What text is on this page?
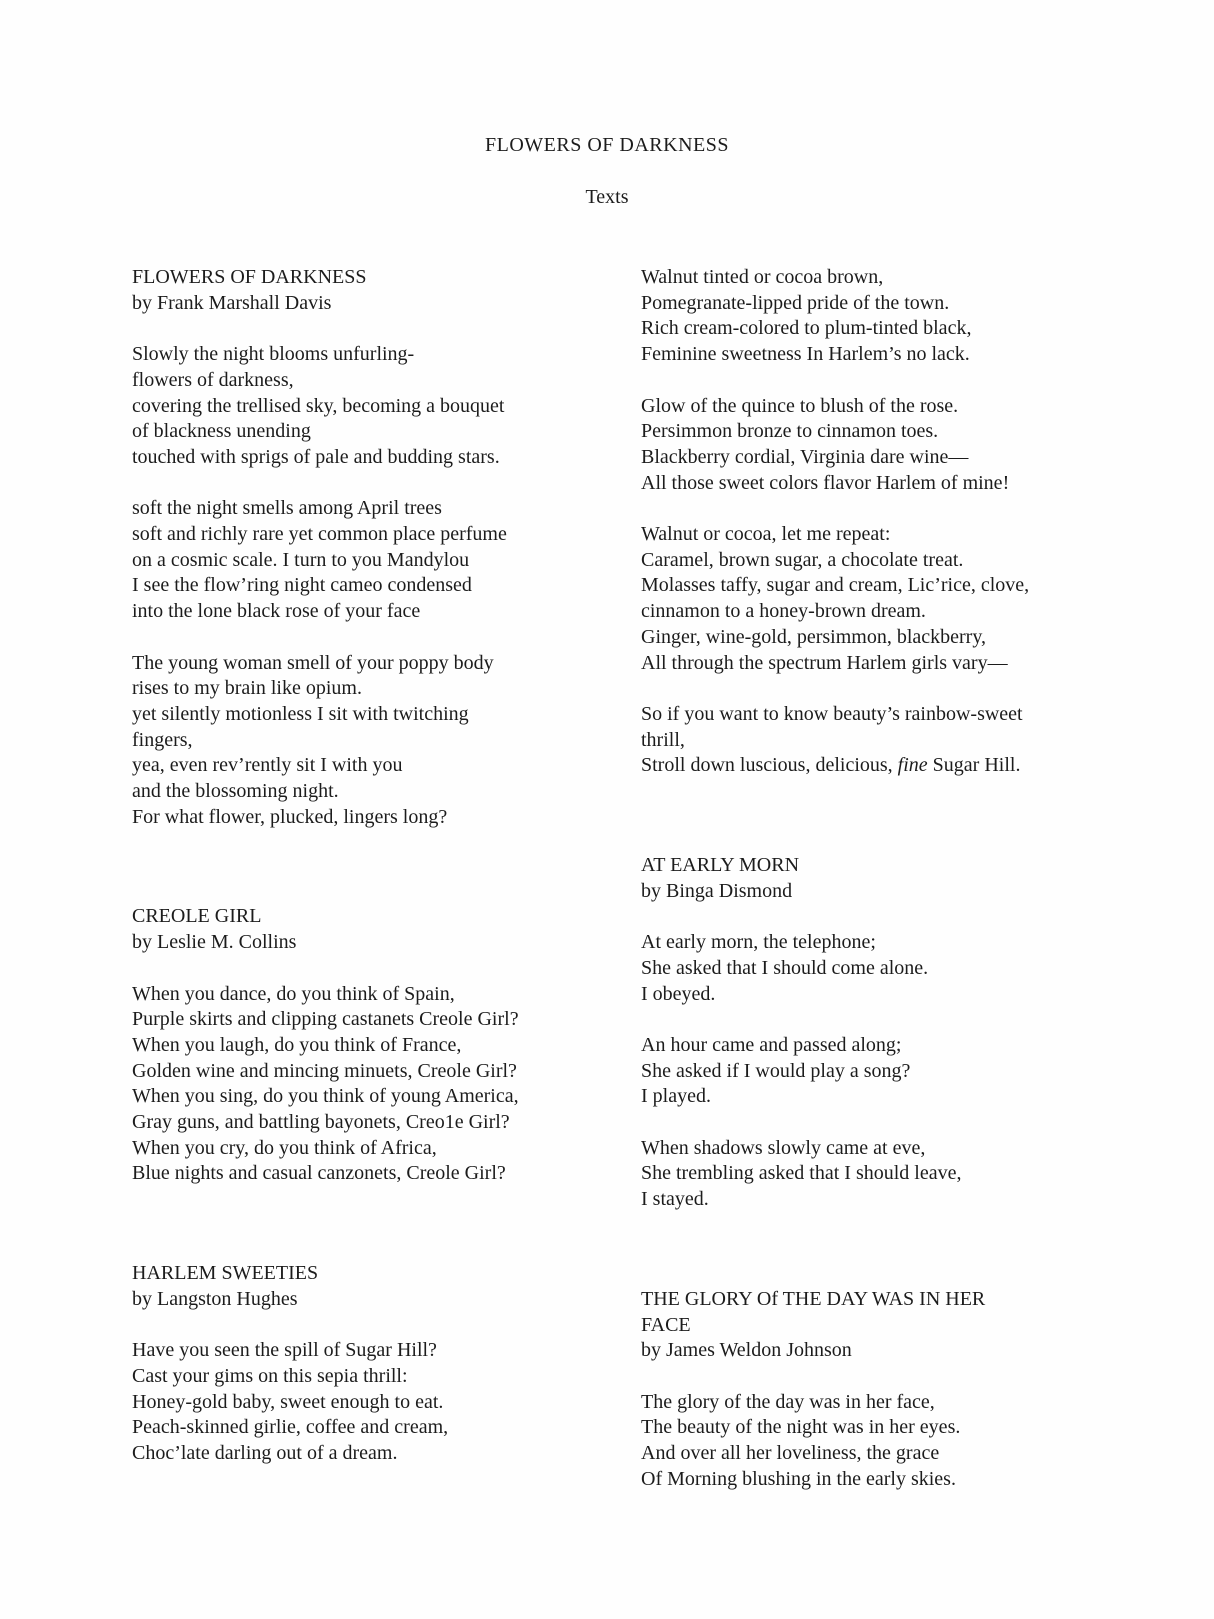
FLOWERS OF DARKNESS
Texts
FLOWERS OF DARKNESS
by Frank Marshall Davis
Slowly the night blooms unfurling-
flowers of darkness,
covering the trellised sky, becoming a bouquet
of blackness unending
touched with sprigs of pale and budding stars.
soft the night smells among April trees
soft and richly rare yet common place perfume
on a cosmic scale. I turn to you Mandylou
I see the flow’ring night cameo condensed
into the lone black rose of your face
The young woman smell of your poppy body
rises to my brain like opium.
yet silently motionless I sit with twitching
fingers,
yea, even rev’rently sit I with you
and the blossoming night.
For what flower, plucked, lingers long?
CREOLE GIRL
by Leslie M. Collins
When you dance, do you think of Spain,
Purple skirts and clipping castanets Creole Girl?
When you laugh, do you think of France,
Golden wine and mincing minuets, Creole Girl?
When you sing, do you think of young America,
Gray guns, and battling bayonets, Creo1e Girl?
When you cry, do you think of Africa,
Blue nights and casual canzonets, Creole Girl?
HARLEM SWEETIES
by Langston Hughes
Have you seen the spill of Sugar Hill?
Cast your gims on this sepia thrill:
Honey-gold baby, sweet enough to eat.
Peach-skinned girlie, coffee and cream,
Choc’late darling out of a dream.
Walnut tinted or cocoa brown,
Pomegranate-lipped pride of the town.
Rich cream-colored to plum-tinted black,
Feminine sweetness In Harlem’s no lack.
Glow of the quince to blush of the rose.
Persimmon bronze to cinnamon toes.
Blackberry cordial, Virginia dare wine—
All those sweet colors flavor Harlem of mine!
Walnut or cocoa, let me repeat:
Caramel, brown sugar, a chocolate treat.
Molasses taffy, sugar and cream, Lic’rice, clove,
cinnamon to a honey-brown dream.
Ginger, wine-gold, persimmon, blackberry,
All through the spectrum Harlem girls vary—
So if you want to know beauty’s rainbow-sweet
thrill,
Stroll down luscious, delicious, fine Sugar Hill.
AT EARLY MORN
by Binga Dismond
At early morn, the telephone;
She asked that I should come alone.
I obeyed.
An hour came and passed along;
She asked if I would play a song?
I played.
When shadows slowly came at eve,
She trembling asked that I should leave,
I stayed.
THE GLORY Of THE DAY WAS IN HER
FACE
by James Weldon Johnson
The glory of the day was in her face,
The beauty of the night was in her eyes.
And over all her loveliness, the grace
Of Morning blushing in the early skies.
